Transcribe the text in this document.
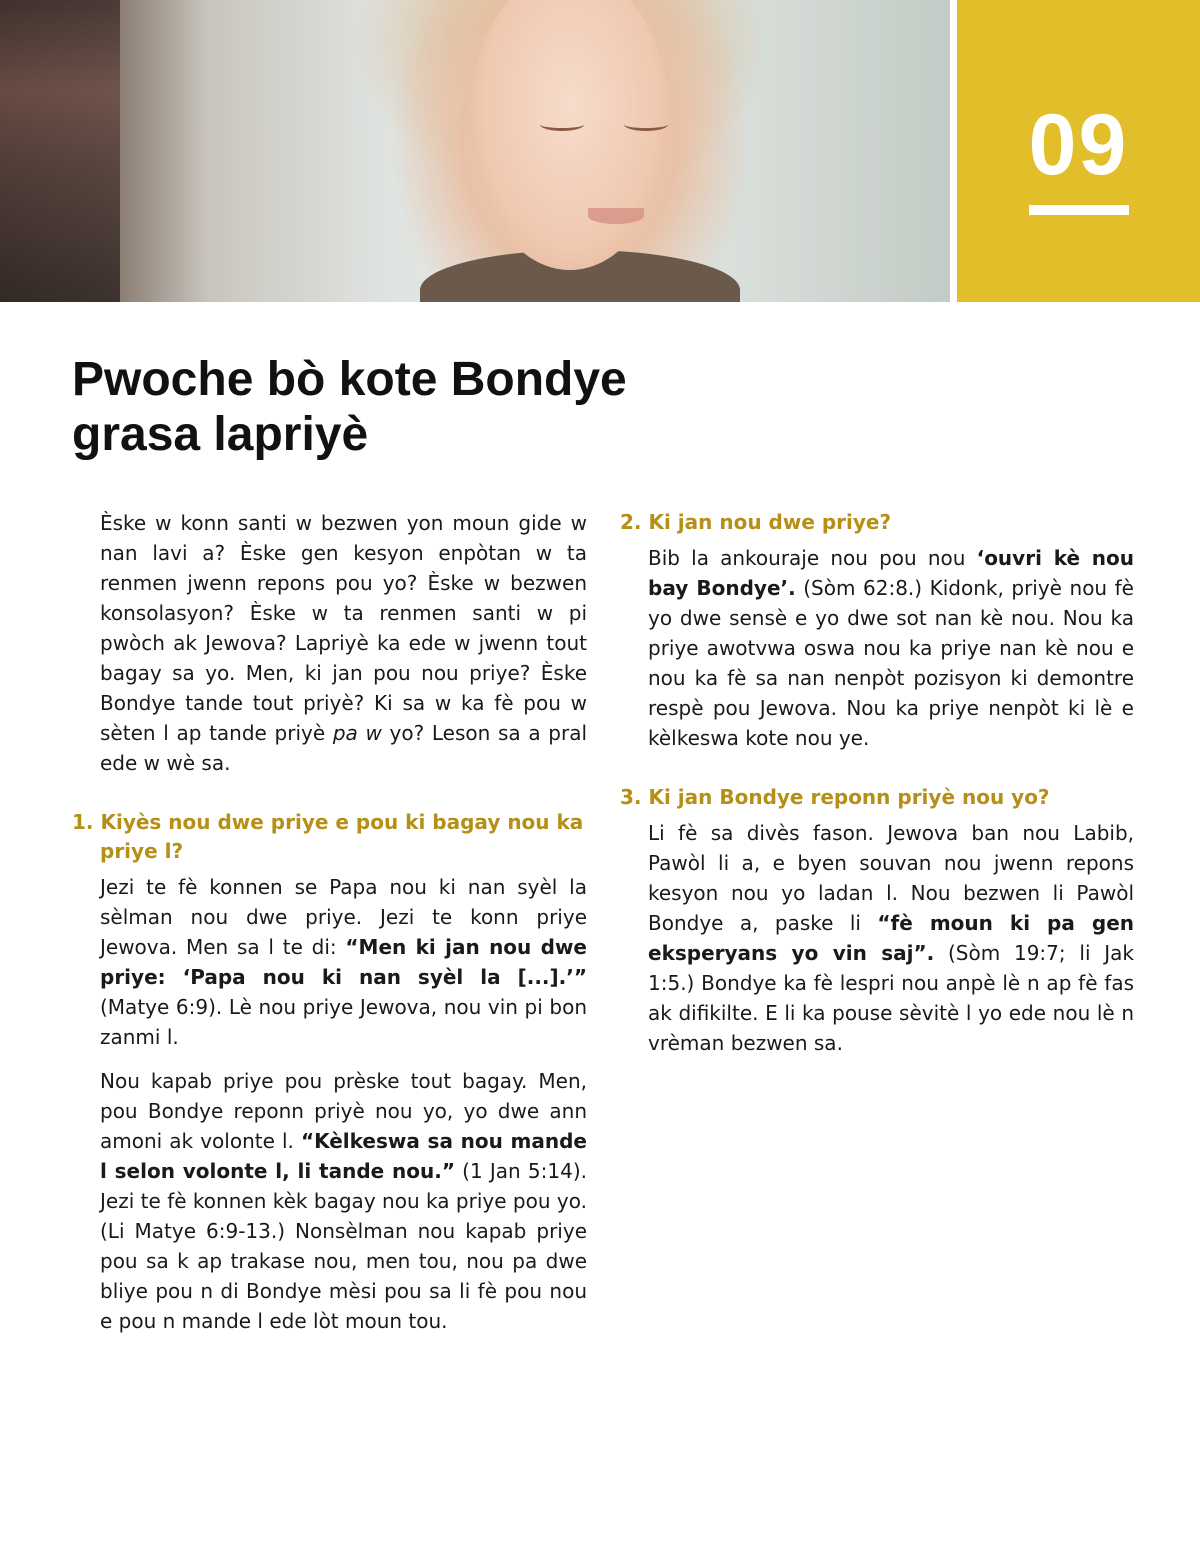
09
Pwoche bò kote Bondye
grasa lapriyè

Èske w konn santi w bezwen yon moun gide w nan lavi a? Èske gen kesyon enpòtan w ta renmen jwenn repons pou yo? Èske w bezwen konsolasyon? Èske w ta renmen santi w pi pwòch ak Jewova? Lapriyè ka ede w jwenn tout bagay sa yo. Men, ki jan pou nou priye? Èske Bondye tande tout priyè? Ki sa w ka fè pou w sèten l ap tande priyè pa w yo? Leson sa a pral ede w wè sa.

1. Kiyès nou dwe priye e pou ki bagay nou ka priye l?

Jezi te fè konnen se Papa nou ki nan syèl la sèlman nou dwe priye. Jezi te konn priye Jewova. Men sa l te di: “Men ki jan nou dwe priye: ‘Papa nou ki nan syèl la [...].’” (Matye 6:9). Lè nou priye Jewova, nou vin pi bon zanmi l.

Nou kapab priye pou prèske tout bagay. Men, pou Bondye reponn priyè nou yo, yo dwe ann amoni ak volonte l. “Kèlkeswa sa nou mande l selon volonte l, li tande nou.” (1 Jan 5:14). Jezi te fè konnen kèk bagay nou ka priye pou yo. (Li Matye 6:9-13.) Nonsèlman nou kapab priye pou sa k ap trakase nou, men tou, nou pa dwe bliye pou n di Bondye mèsi pou sa li fè pou nou e pou n mande l ede lòt moun tou.

2. Ki jan nou dwe priye?

Bib la ankouraje nou pou nou ‘ouvri kè nou bay Bondye’. (Sòm 62:8.) Kidonk, priyè nou fè yo dwe sensè e yo dwe sot nan kè nou. Nou ka priye awotvwa oswa nou ka priye nan kè nou e nou ka fè sa nan nenpòt pozisyon ki demontre respè pou Jewova. Nou ka priye nenpòt ki lè e kèlkeswa kote nou ye.

3. Ki jan Bondye reponn priyè nou yo?

Li fè sa divès fason. Jewova ban nou Labib, Pawòl li a, e byen souvan nou jwenn repons kesyon nou yo ladan l. Nou bezwen li Pawòl Bondye a, paske li “fè moun ki pa gen eksperyans yo vin saj”. (Sòm 19:7; li Jak 1:5.) Bondye ka fè lespri nou anpè lè n ap fè fas ak difikilte. E li ka pouse sèvitè l yo ede nou lè n vrèman bezwen sa.
